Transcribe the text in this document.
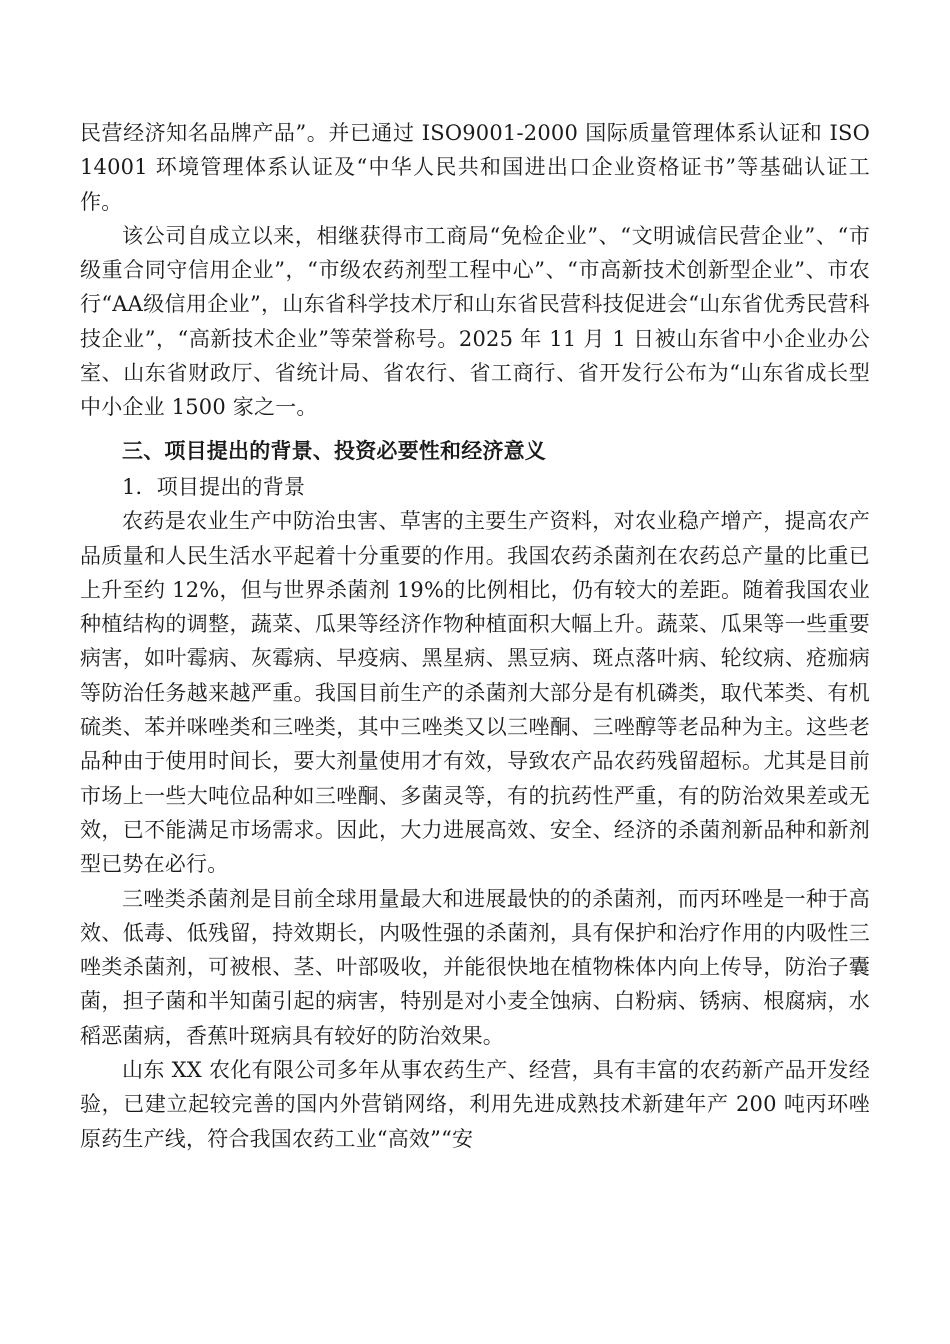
民营经济知名品牌产品”。并已通过 ISO9001-2000 国际质量管理体系认证和 ISO14001 环境管理体系认证及“中华人民共和国进出口企业资格证书”等基础认证工作。

该公司自成立以来，相继获得市工商局“免检企业”、“文明诚信民营企业”、“市级重合同守信用企业”，“市级农药剂型工程中心”、“市高新技术创新型企业”、市农行“AA级信用企业”，山东省科学技术厅和山东省民营科技促进会“山东省优秀民营科技企业”，“高新技术企业”等荣誉称号。2025 年 11 月 1 日被山东省中小企业办公室、山东省财政厅、省统计局、省农行、省工商行、省开发行公布为“山东省成长型中小企业 1500 家之一。

三、项目提出的背景、投资必要性和经济意义

1．项目提出的背景

农药是农业生产中防治虫害、草害的主要生产资料，对农业稳产增产，提高农产品质量和人民生活水平起着十分重要的作用。我国农药杀菌剂在农药总产量的比重已上升至约 12%，但与世界杀菌剂 19%的比例相比，仍有较大的差距。随着我国农业种植结构的调整，蔬菜、瓜果等经济作物种植面积大幅上升。蔬菜、瓜果等一些重要病害，如叶霉病、灰霉病、早疫病、黑星病、黑豆病、斑点落叶病、轮纹病、疮痂病等防治任务越来越严重。我国目前生产的杀菌剂大部分是有机磷类，取代苯类、有机硫类、苯并咪唑类和三唑类，其中三唑类又以三唑酮、三唑醇等老品种为主。这些老品种由于使用时间长，要大剂量使用才有效，导致农产品农药残留超标。尤其是目前市场上一些大吨位品种如三唑酮、多菌灵等，有的抗药性严重，有的防治效果差或无效，已不能满足市场需求。因此，大力进展高效、安全、经济的杀菌剂新品种和新剂型已势在必行。

三唑类杀菌剂是目前全球用量最大和进展最快的的杀菌剂，而丙环唑是一种于高效、低毒、低残留，持效期长，内吸性强的杀菌剂，具有保护和治疗作用的内吸性三唑类杀菌剂，可被根、茎、叶部吸收，并能很快地在植物株体内向上传导，防治子囊菌，担子菌和半知菌引起的病害，特别是对小麦全蚀病、白粉病、锈病、根腐病，水稻恶菌病，香蕉叶斑病具有较好的防治效果。

山东 XX 农化有限公司多年从事农药生产、经营，具有丰富的农药新产品开发经验，已建立起较完善的国内外营销网络，利用先进成熟技术新建年产 200 吨丙环唑原药生产线，符合我国农药工业“高效”“安
